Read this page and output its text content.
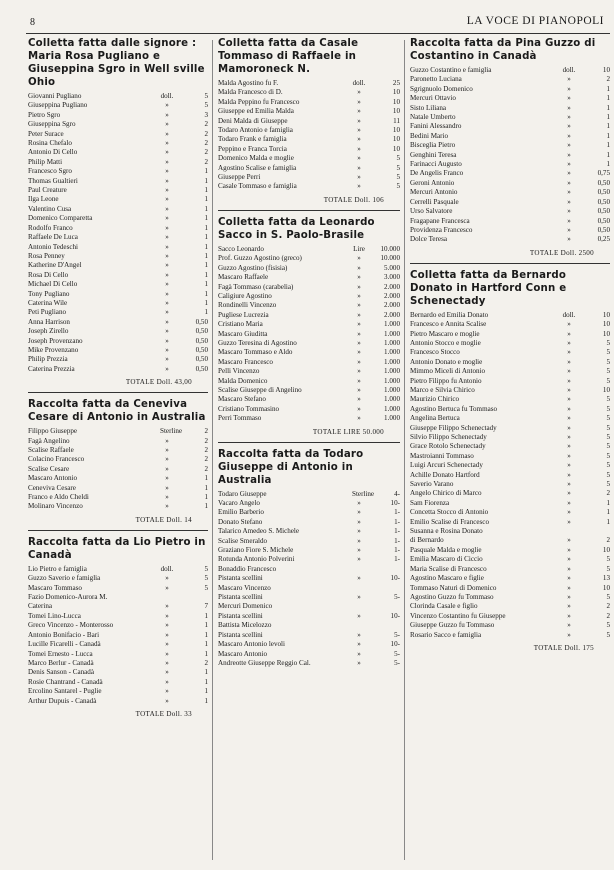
8	LA VOCE DI PIANOPOLI
Colletta fatta dalle signore : Maria Rosa Pugliano e Giuseppina Sgro in Well sville Ohio
Giovanni Pugliano	doll.	5
Giuseppina Pugliano	»	5
Pietro Sgro	»	3
Giuseppina Sgro	»	2
Peter Surace	»	2
Rosina Chefalo	»	2
Antonio Di Cello	»	2
Philip Matti	»	2
Francesco Sgro	»	1
Thomas Gualtieri	»	1
Paul Creature	»	1
Ilga Leone	»	1
Valentino Cusa	»	1
Domenico Comparetta	»	1
Rodolfo Franco	»	1
Raffaele De Luca	»	1
Antonio Tedeschi	»	1
Rosa Penney	»	1
Katherine D'Angel	»	1
Rosa Di Cello	»	1
Michael Di Cello	»	1
Tony Pugliano	»	1
Caterina Wile	»	1
Peti Pugliano	»	1
Anna Harrison	»	0,50
Joseph Zirello	»	0,50
Joseph Provenzano	»	0,50
Mike Provenzano	»	0,50
Philip Prezzia	»	0,50
Caterina Prezzia	»	0,50
TOTALE Doll. 43,00
Raccolta fatta da Ceneviva Cesare di Antonio in Australia
Filippo Giuseppe	Sterline	2
Fagà Angelino	»	2
Scalise Raffaele	»	2
Colacino Francesco	»	2
Scalise Cesare	»	2
Mascaro Antonio	»	1
Ceneviva Cesare	»	1
Franco e Aldo Cheldi	»	1
Molinaro Vincenzo	»	1
TOTALE Doll. 14
Raccolta fatta da Lio Pietro in Canadà
Lio Pietro e famiglia	doll.	5
Guzzo Saverio e famiglia	»	5
Mascaro Tommaso	»	5
Fazio Domenico-Aurora M.
Caterina	»	7
Tomei Lino-Lucca	»	1
Greco Vincenzo - Monterosso	»	1
Antonio Bonifacio - Bari	»	1
Lucille Ficarelli - Canadà	»	1
Tomei Ernesto - Lucca	»	1
Marco Berlur - Canadà	»	2
Denis Sanson - Canadà	»	1
Rosie Chantrand - Canadà	»	1
Ercolino Santarel - Puglie	»	1
Arthur Dupuis - Canadà	»	1
TOTALE Doll. 33
Colletta fatta da Casale Tommaso di Raffaele in Mamoroneck N.
Malda Agostino fu F.	doll.	25
Malda Francesco di D.	»	10
Malda Peppino fu Francesco	»	10
Giuseppe ed Emilia Malda	»	10
Deni Malda di Giuseppe	»	11
Todaro Antonio e famiglia	»	10
Todaro Frank e famiglia	»	10
Peppino e Franca Torcia	»	10
Domenico Malda e moglie	»	5
Agostino Scalise e famiglia	»	5
Giuseppe Perri	»	5
Casale Tommaso e famiglia	»	5
TOTALE Doll. 106
Colletta fatta da Leonardo Sacco in S. Paolo-Brasile
Sacco Leonardo	Lire	10.000
Prof. Guzzo Agostino (greco)	»	10.000
Guzzo Agostino (fisisia)	»	5.000
Mascaro Raffaele	»	3.000
Fagà Tommaso (carabelia)	»	2.000
Caligiure Agostino	»	2.000
Rondinelli Vincenzo	»	2.000
Pugliese Lucrezia	»	2.000
Cristiano Maria	»	1.000
Mascaro Giuditta	»	1.000
Guzzo Teresina di Agostino	»	1.000
Mascaro Tommaso e Aldo	»	1.000
Mascaro Francesco	»	1.000
Pelli Vincenzo	»	1.000
Malda Domenico	»	1.000
Scalise Giuseppe di Angelino	»	1.000
Mascaro Stefano	»	1.000
Cristiano Tommasino	»	1.000
Perri Tommaso	»	1.000
TOTALE LIRE 50.000
Raccolta fatta da Todaro Giuseppe di Antonio in Australia
Todaro Giuseppe	Sterline	4-
Vacaro Angelo	»	10-
Emilio Barberio	»	1-
Donato Stefano	»	1-
Talarico Amedeo S. Michele	»	1-
Scalise Smeraldo	»	1-
Graziano Fiore S. Michele	»	1-
Rotunda Antonio Polverini	»	1-
Bonaddio Francesco
Pistanta scellini	»	10-
Mascaro Vincenzo
Pistanta scellini	»	5-
Mercuri Domenico
Pistanta scellini	»	10-
Battista Micelozzo
Pistanta scellini	»	5-
Mascaro Antonio levoli	»	10-
Mascaro Antonio	»	5-
Andreotte Giuseppe Reggio Cal.	»	5-
Raccolta fatta da Pina Guzzo di Costantino in Canadà
Guzzo Costantino e famiglia	doll.	10
Paronetto Luciana	»	2
Sgrignuolo Domenico	»	1
Mercuri Ottavio	»	1
Sisto Liliana	»	1
Natale Umberto	»	1
Fanini Alessandro	»	1
Bedini Mario	»	1
Bisceglia Pietro	»	1
Genghini Teresa	»	1
Farinacci Augusto	»	1
De Angelis Franco	»	0,75
Geroni Antonio	»	0,50
Mercuri Antonio	»	0,50
Cerrelli Pasquale	»	0,50
Urso Salvatore	»	0,50
Fragapane Francesca	»	0,50
Providenza Francesco	»	0,50
Dolce Teresa	»	0,25
TOTALE Doll. 2500
Colletta fatta da Bernardo Donato in Hartford Conn e Schenectady
Bernardo ed Emilia Donato	doll.	10
Francesco e Annita Scalise	»	10
Pietro Mascaro e moglie	»	10
Antonio Stocco e moglie	»	5
Francesco Stocco	»	5
Antonio Donato e moglie	»	5
Mimmo Miceli di Antonio	»	5
Pietro Filippo fu Antonio	»	5
Marco e Silvia Chirico	»	10
Maurizio Chirico	»	5
Agostino Bertuca fu Tommaso	»	5
Angelina Bertuca	»	5
Giuseppe Filippo Schenectady	»	5
Silvio Filippo Schenectady	»	5
Grace Rotolo Schenectady	»	5
Mastroianni Tommaso	»	5
Luigi Arcuri Schenectady	»	5
Achille Donato Hartford	»	5
Saverio Varano	»	5
Angelo Chirico di Marco	»	2
Sam Fiorenza	»	1
Concetta Stocco di Antonio	»	1
Emilio Scalise di Francesco	»	1
Susanna e Rosina Donato
di Bernardo	»	2
Pasquale Malda e moglie	»	10
Emilia Mascaro di Ciccio	»	5
Maria Scalise di Francesco	»	5
Agostino Mascaro e figlie	»	13
Tommaso Naturi di Domenico	»	10
Agostino Guzzo fu Tommaso	»	5
Clorinda Casale e figlio	»	2
Vincenzo Costantino fu Giuseppe	»	2
Giuseppe Guzzo fu Tommaso	»	5
Rosario Sacco e famiglia	»	5
TOTALE Doll. 175
